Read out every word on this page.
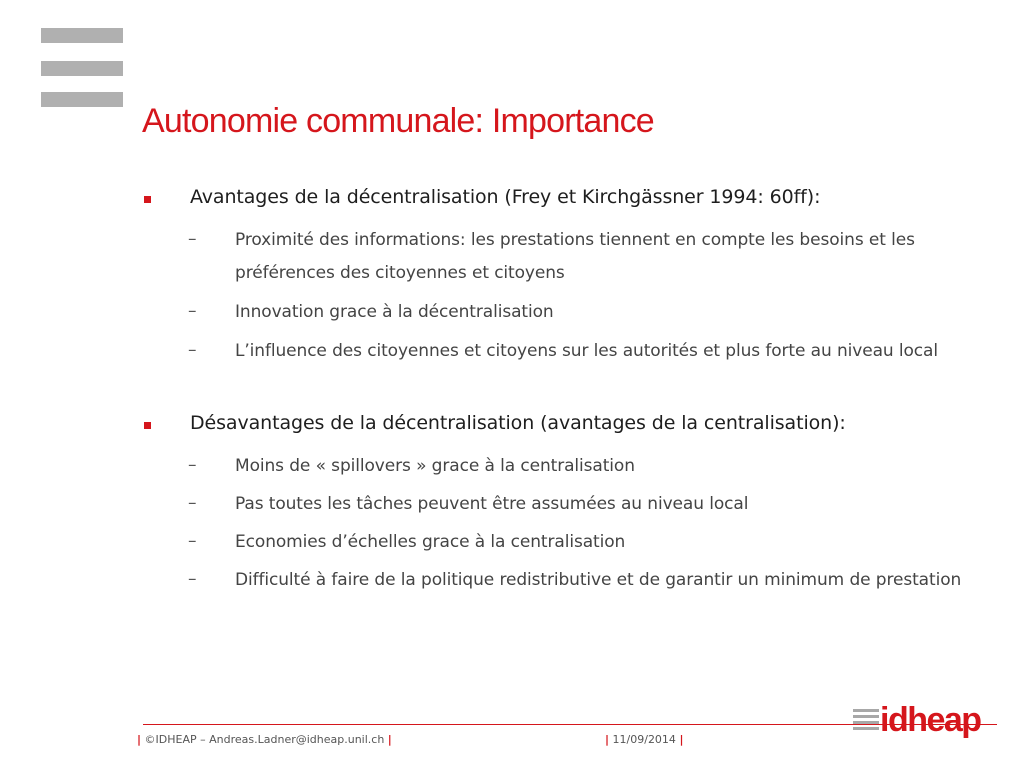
Autonomie communale: Importance
Avantages de la décentralisation (Frey et Kirchgässner 1994: 60ff):
– Proximité des informations: les prestations tiennent en compte les besoins et les préférences des citoyennes et citoyens
– Innovation grace à la décentralisation
– L’influence des citoyennes et citoyens sur les autorités et plus forte au niveau local
Désavantages de la décentralisation (avantages de la centralisation):
– Moins de « spillovers » grace à la centralisation
– Pas toutes les tâches peuvent être assumées au niveau local
– Economies d’échelles grace à la centralisation
– Difficulté à faire de la politique redistributive et de garantir un minimum de prestation
| ©IDHEAP – Andreas.Ladner@idheap.unil.ch |	| 11/09/2014 |
idheap
